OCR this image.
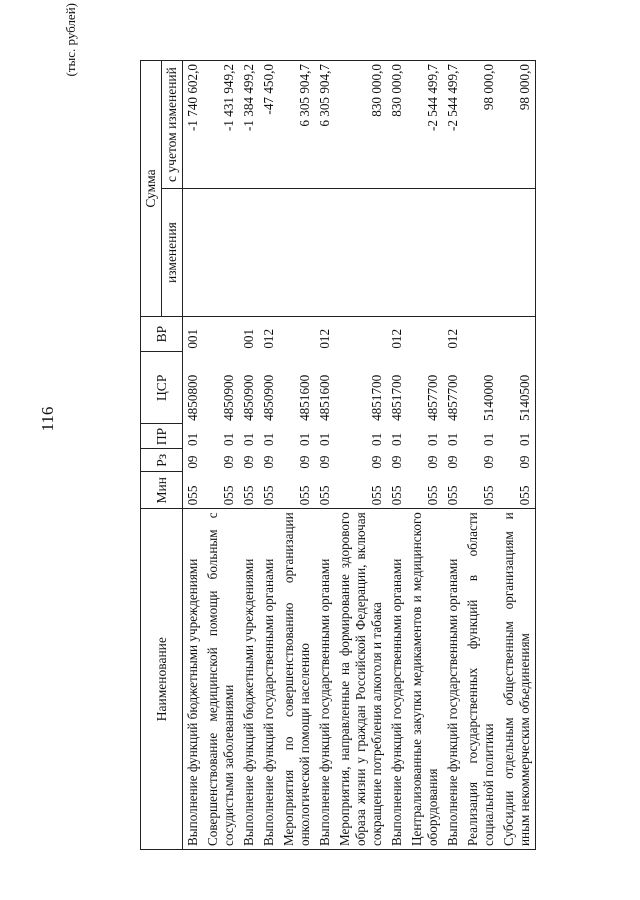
116
(тыс. рублей)
Наименование	Мин	Рз	ПР	ЦСР	ВР	Сумма	
						изменения	с учетом изменений
Выполнение функций бюджетными учреждениями	055	09	01	4850800	001		-1 740 602,0
Совершенствование медицинской помощи больным с сосудистыми заболеваниями	055	09	01	4850900			-1 431 949,2
Выполнение функций бюджетными учреждениями	055	09	01	4850900	001		-1 384 499,2
Выполнение функций государственными органами	055	09	01	4850900	012		-47 450,0
Мероприятия по совершенствованию организации онкологической помощи населению	055	09	01	4851600			6 305 904,7
Выполнение функций государственными органами	055	09	01	4851600	012		6 305 904,7
Мероприятия, направленные на формирование здорового образа жизни у граждан Российской Федерации, включая сокращение потребления алкоголя и табака	055	09	01	4851700			830 000,0
Выполнение функций государственными органами	055	09	01	4851700	012		830 000,0
Централизованные закупки медикаментов и медицинского оборудования	055	09	01	4857700			-2 544 499,7
Выполнение функций государственными органами	055	09	01	4857700	012		-2 544 499,7
Реализация государственных функций в области социальной политики	055	09	01	5140000			98 000,0
Субсидии отдельным общественным организациям и иным некоммерческим объединениям	055	09	01	5140500			98 000,0
